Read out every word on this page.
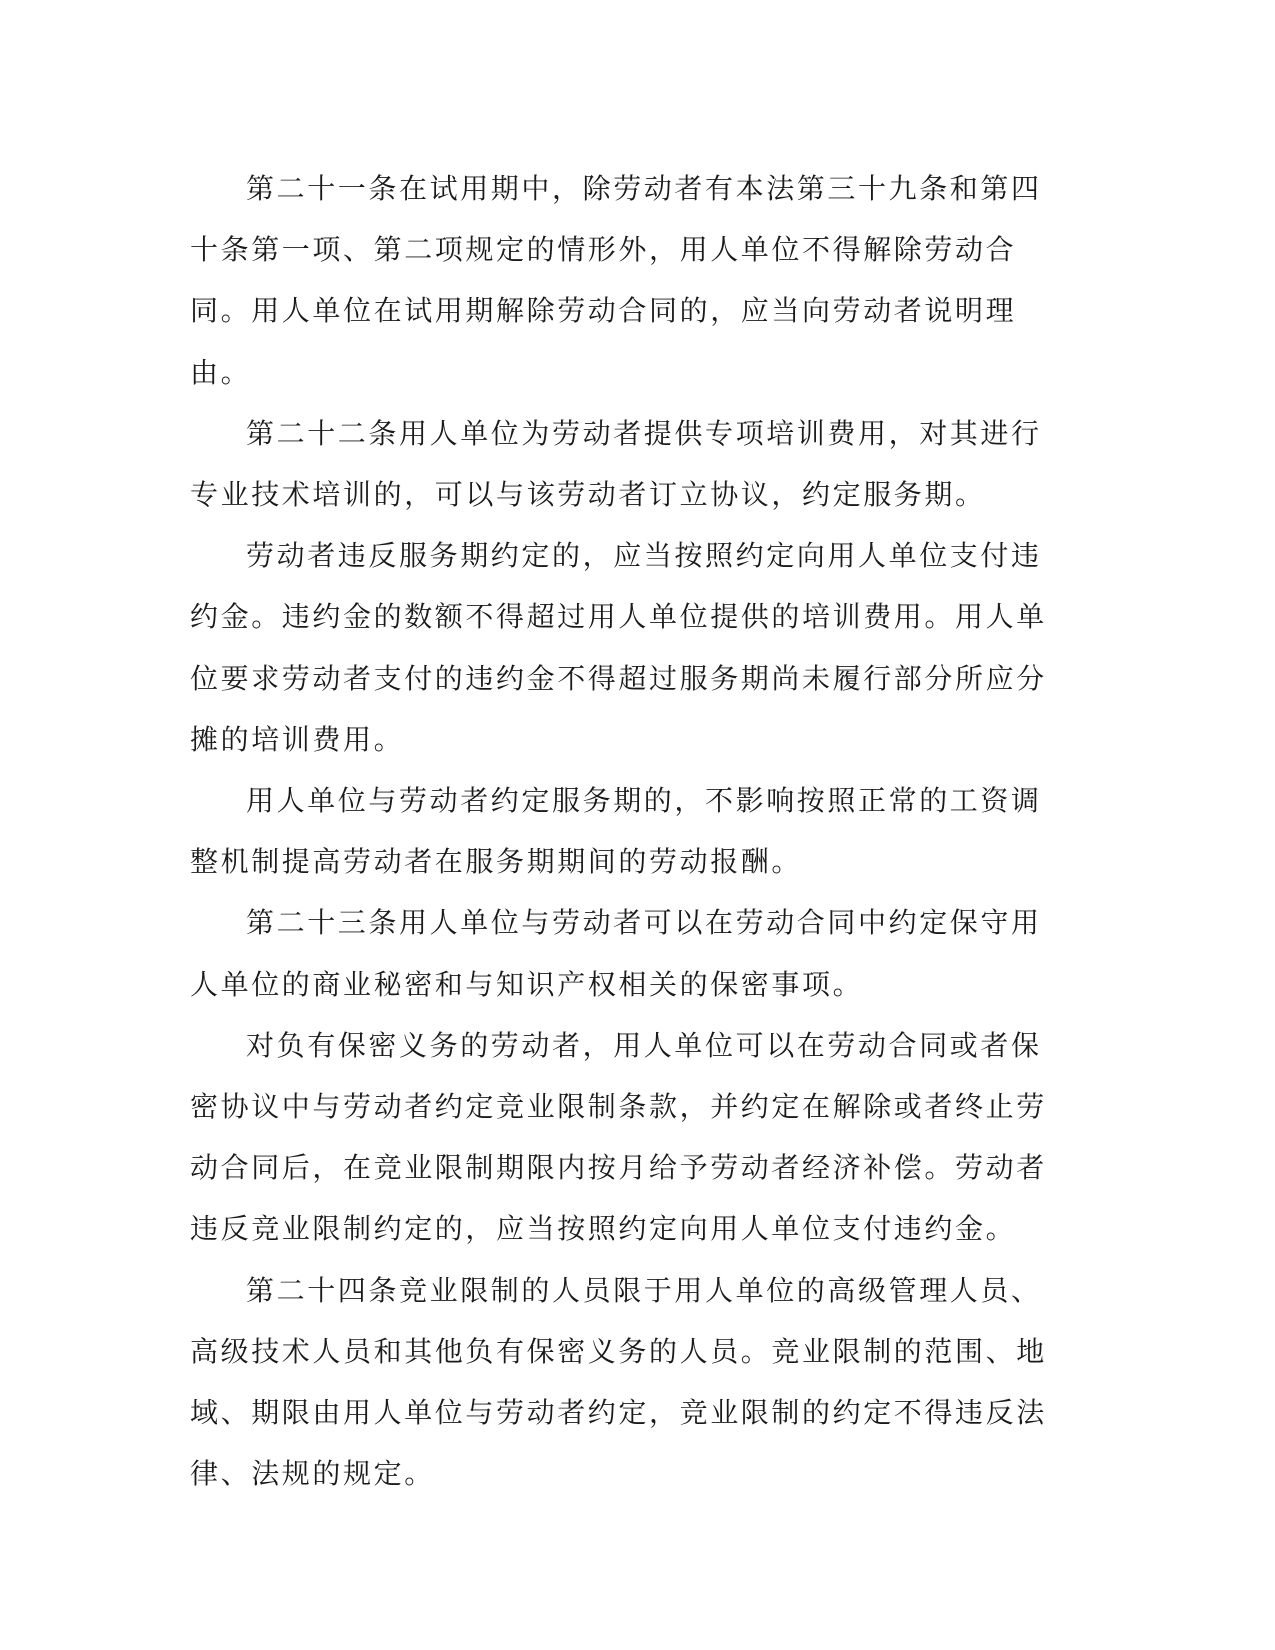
第二十一条在试用期中，除劳动者有本法第三十九条和第四十条第一项、第二项规定的情形外，用人单位不得解除劳动合同。用人单位在试用期解除劳动合同的，应当向劳动者说明理由。

第二十二条用人单位为劳动者提供专项培训费用，对其进行专业技术培训的，可以与该劳动者订立协议，约定服务期。

劳动者违反服务期约定的，应当按照约定向用人单位支付违约金。违约金的数额不得超过用人单位提供的培训费用。用人单位要求劳动者支付的违约金不得超过服务期尚未履行部分所应分摊的培训费用。

用人单位与劳动者约定服务期的，不影响按照正常的工资调整机制提高劳动者在服务期期间的劳动报酬。

第二十三条用人单位与劳动者可以在劳动合同中约定保守用人单位的商业秘密和与知识产权相关的保密事项。

对负有保密义务的劳动者，用人单位可以在劳动合同或者保密协议中与劳动者约定竞业限制条款，并约定在解除或者终止劳动合同后，在竞业限制期限内按月给予劳动者经济补偿。劳动者违反竞业限制约定的，应当按照约定向用人单位支付违约金。

第二十四条竞业限制的人员限于用人单位的高级管理人员、高级技术人员和其他负有保密义务的人员。竞业限制的范围、地域、期限由用人单位与劳动者约定，竞业限制的约定不得违反法律、法规的规定。
